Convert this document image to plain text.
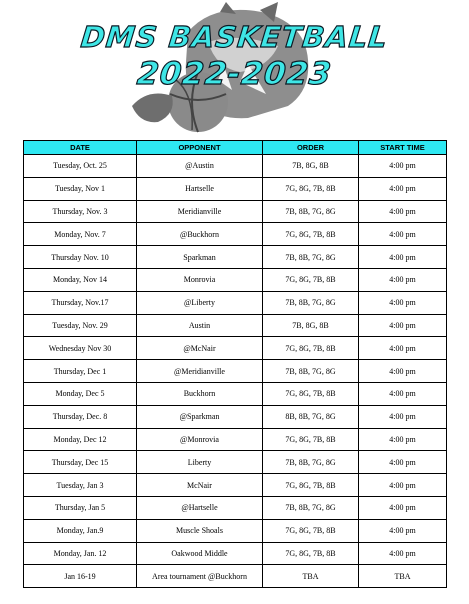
DMS BASKETBALL
2022-2023
DATE	OPPONENT	ORDER	START TIME
Tuesday, Oct. 25	@Austin	7B, 8G, 8B	4:00 pm
Tuesday, Nov 1	Hartselle	7G, 8G, 7B, 8B	4:00 pm
Thursday, Nov. 3	Meridianville	7B, 8B, 7G, 8G	4:00 pm
Monday, Nov. 7	@Buckhorn	7G, 8G, 7B, 8B	4:00 pm
Thursday Nov. 10	Sparkman	7B, 8B, 7G, 8G	4:00 pm
Monday, Nov 14	Monrovia	7G, 8G, 7B, 8B	4:00 pm
Thursday, Nov.17	@Liberty	7B, 8B, 7G, 8G	4:00 pm
Tuesday, Nov. 29	Austin	7B, 8G, 8B	4:00 pm
Wednesday Nov 30	@McNair	7G, 8G, 7B, 8B	4:00 pm
Thursday, Dec 1	@Meridianville	7B, 8B, 7G, 8G	4:00 pm
Monday, Dec 5	Buckhorn	7G, 8G, 7B, 8B	4:00 pm
Thursday, Dec. 8	@Sparkman	8B, 8B, 7G, 8G	4:00 pm
Monday, Dec 12	@Monrovia	7G, 8G, 7B, 8B	4:00 pm
Thursday, Dec 15	Liberty	7B, 8B, 7G, 8G	4:00 pm
Tuesday, Jan 3	McNair	7G, 8G, 7B, 8B	4:00 pm
Thursday, Jan 5	@Hartselle	7B, 8B, 7G, 8G	4:00 pm
Monday, Jan.9	Muscle Shoals	7G, 8G, 7B, 8B	4:00 pm
Monday, Jan. 12	Oakwood Middle	7G, 8G, 7B, 8B	4:00 pm
Jan 16-19	Area tournament @Buckhorn	TBA	TBA
